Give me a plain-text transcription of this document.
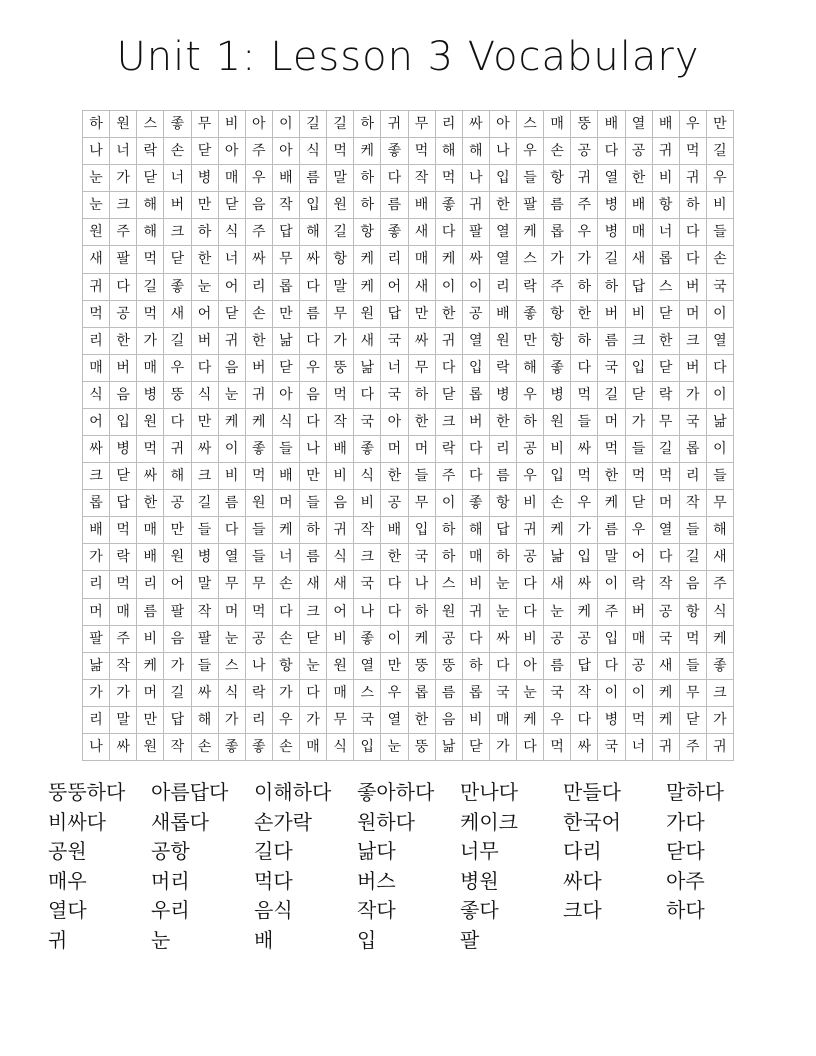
Unit 1: Lesson 3 Vocabulary
하 원 스 좋 무 비 아 이 길 길 하 귀 무 리 싸 아 스 매 뚱 배 열 배 우 만
나 너 락 손 닫 아 주 아 식 먹 케 좋 먹 해 해 나 우 손 공 다 공 귀 먹 길
눈 가 닫 너 병 매 우 배 름 말 하 다 작 먹 나 입 들 항 귀 열 한 비 귀 우
눈 크 해 버 만 닫 음 작 입 원 하 름 배 좋 귀 한 팔 름 주 병 배 항 하 비
원 주 해 크 하 식 주 답 해 길 항 좋 새 다 팔 열 케 롭 우 병 매 너 다 들
새 팔 먹 닫 한 너 싸 무 싸 항 케 리 매 케 싸 열 스 가 가 길 새 롭 다 손
귀 다 길 좋 눈 어 리 롭 다 말 케 어 새 이 이 리 락 주 하 하 답 스 버 국
먹 공 먹 새 어 닫 손 만 름 무 원 답 만 한 공 배 좋 항 한 버 비 닫 머 이
리 한 가 길 버 귀 한 낢 다 가 새 국 싸 귀 열 원 만 항 하 름 크 한 크 열
매 버 매 우 다 음 버 닫 우 뚱 낢 너 무 다 입 락 해 좋 다 국 입 닫 버 다
식 음 병 뚱 식 눈 귀 아 음 먹 다 국 하 닫 롭 병 우 병 먹 길 닫 락 가 이
어 입 원 다 만 케 케 식 다 작 국 아 한 크 버 한 하 원 들 머 가 무 국 낢
싸 병 먹 귀 싸 이 좋 들 나 배 좋 머 머 락 다 리 공 비 싸 먹 들 길 롭 이
크 닫 싸 해 크 비 먹 배 만 비 식 한 들 주 다 름 우 입 먹 한 먹 먹 리 들
롭 답 한 공 길 름 원 머 들 음 비 공 무 이 좋 항 비 손 우 케 닫 머 작 무
배 먹 매 만 들 다 들 케 하 귀 작 배 입 하 해 답 귀 케 가 름 우 열 들 해
가 락 배 원 병 열 들 너 름 식 크 한 국 하 매 하 공 낢 입 말 어 다 길 새
리 먹 리 어 말 무 무 손 새 새 국 다 나 스 비 눈 다 새 싸 이 락 작 음 주
머 매 름 팔 작 머 먹 다 크 어 나 다 하 원 귀 눈 다 눈 케 주 버 공 항 식
팔 주 비 음 팔 눈 공 손 닫 비 좋 이 케 공 다 싸 비 공 공 입 매 국 먹 케
낢 작 케 가 들 스 나 항 눈 원 열 만 뚱 뚱 하 다 아 름 답 다 공 새 들 좋
가 가 머 길 싸 식 락 가 다 매 스 우 롭 름 롭 국 눈 국 작 이 이 케 무 크
리 말 만 답 해 가 리 우 가 무 국 열 한 음 비 매 케 우 다 병 먹 케 닫 가
나 싸 원 작 손 좋 좋 손 매 식 입 눈 뚱 낢 닫 가 다 먹 싸 국 너 귀 주 귀
뚱뚱하다	아름답다	이해하다	좋아하다	만나다	만들다	말하다
비싸다	새롭다	손가락	원하다	케이크	한국어	가다
공원	공항	길다	낢다	너무	다리	닫다
매우	머리	먹다	버스	병원	싸다	아주
열다	우리	음식	작다	좋다	크다	하다
귀	눈	배	입	팔
